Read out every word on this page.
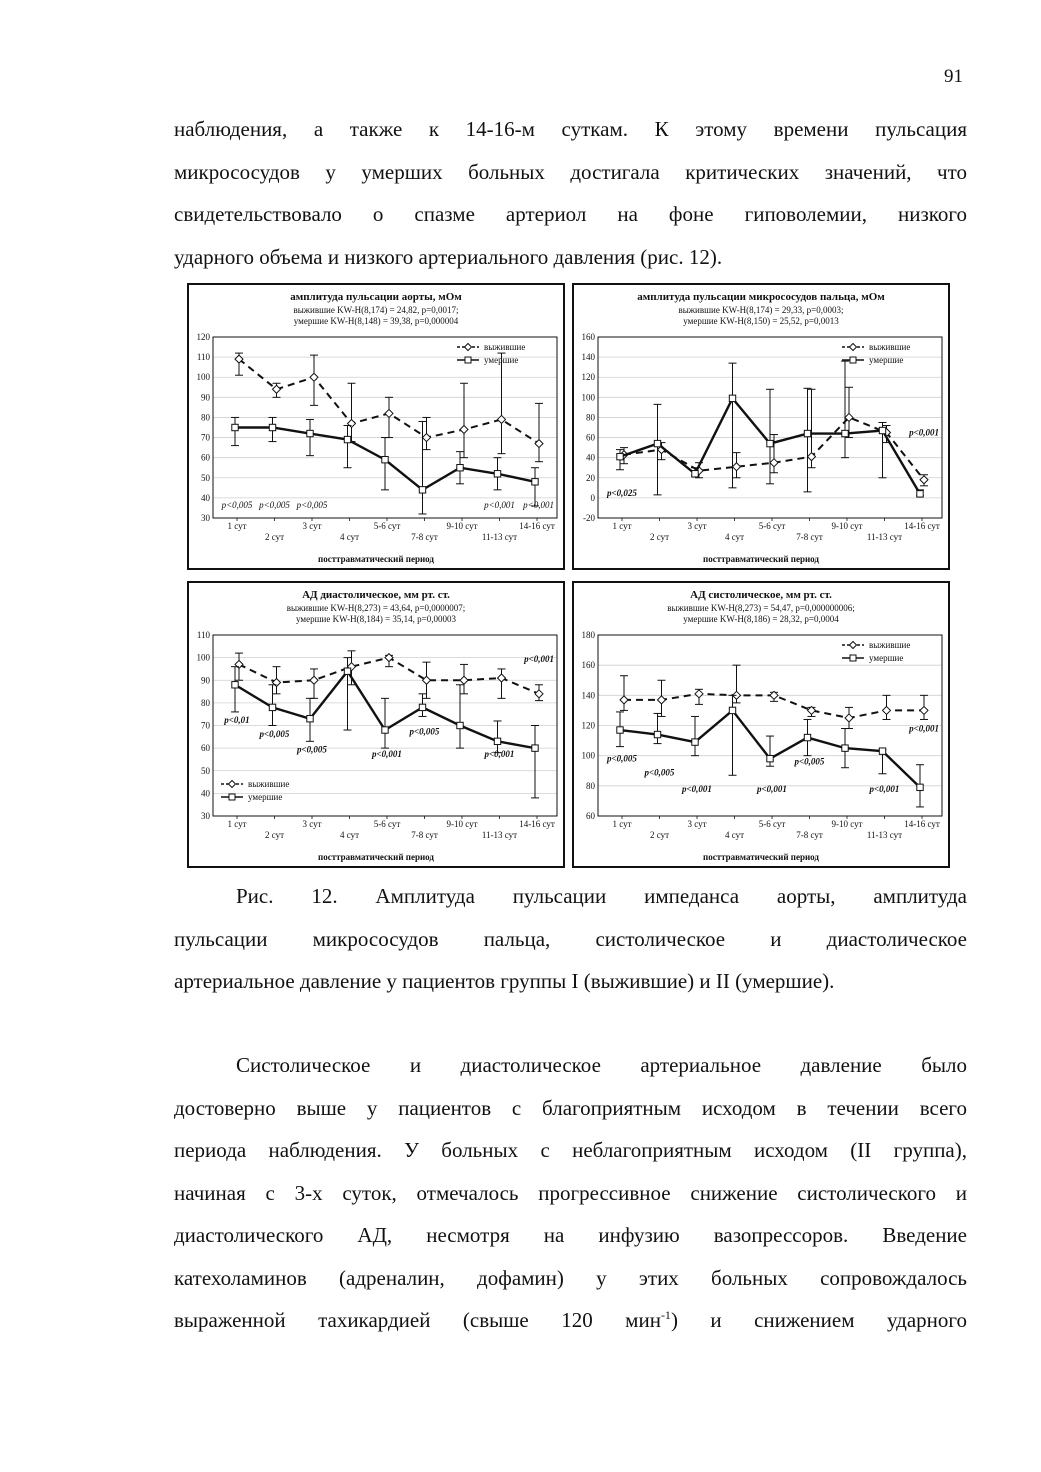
91
наблюдения, а также к 14-16-м суткам. К этому времени пульсация
микрососудов у умерших больных достигала критических значений, что
свидетельствовало о спазме артериол на фоне гиповолемии, низкого
ударного объема и низкого артериального давления (рис. 12).
амплитуда пульсации аорты, мОм
выжившие KW-H(8,174) = 24,82, p=0,0017;
умершие KW-H(8,148) = 39,38, p=0,000004
30
40
50
60
70
80
90
100
110
120
1 сут
2 сут
3 сут
4 сут
5-6 сут
7-8 сут
9-10 сут
11-13 сут
14-16 сут
посттравматический период
выжившие
умершие
p<0,005 p<0,005 p<0,005	p<0,001 p<0,001
амплитуда пульсации микрососудов пальца, мОм
выжившие KW-H(8,174) = 29,33, p=0,0003;
умершие KW-H(8,150) = 25,52, p=0,0013
-20
0
20
40
60
80
100
120
140
160
1 сут
2 сут
3 сут
4 сут
5-6 сут
7-8 сут
9-10 сут
11-13 сут
14-16 сут
посттравматический период
выжившие
умершие
p<0,025
p<0,001
АД диастолическое, мм рт. ст.
выжившие KW-H(8,273) = 43,64, p=0,0000007;
умершие KW-H(8,184) = 35,14, p=0,00003
30
40
50
60
70
80
90
100
110
1 сут
2 сут
3 сут
4 сут
5-6 сут
7-8 сут
9-10 сут
11-13 сут
14-16 сут
посттравматический период
выжившие
умершие
p<0,01
p<0,005
p<0,005	p<0,001
p<0,005
p<0,001
p<0,001
АД систолическое, мм рт. ст.
выжившие KW-H(8,273) = 54,47, p=0,000000006;
умершие KW-H(8,186) = 28,32, p=0,0004
60
80
100
120
140
160
180
1 сут
2 сут
3 сут
4 сут
5-6 сут
7-8 сут
9-10 сут
11-13 сут
14-16 сут
посттравматический период
выжившие
умершие
p<0,005
p<0,005
p<0,001	p<0,001
p<0,005
p<0,001
p<0,001
Рис. 12. Амплитуда пульсации импеданса аорты, амплитуда
пульсации микрососудов пальца, систолическое и диастолическое
артериальное давление у пациентов группы I (выжившие) и II (умершие).
Систолическое и диастолическое артериальное давление было
достоверно выше у пациентов с благоприятным исходом в течении всего
периода наблюдения. У больных с неблагоприятным исходом (II группа),
начиная с 3-х суток, отмечалось прогрессивное снижение систолического и
диастолического АД, несмотря на инфузию вазопрессоров. Введение
катехоламинов (адреналин, дофамин) у этих больных сопровождалось
выраженной тахикардией (свыше 120 мин$^{-1}$) и снижением ударного
